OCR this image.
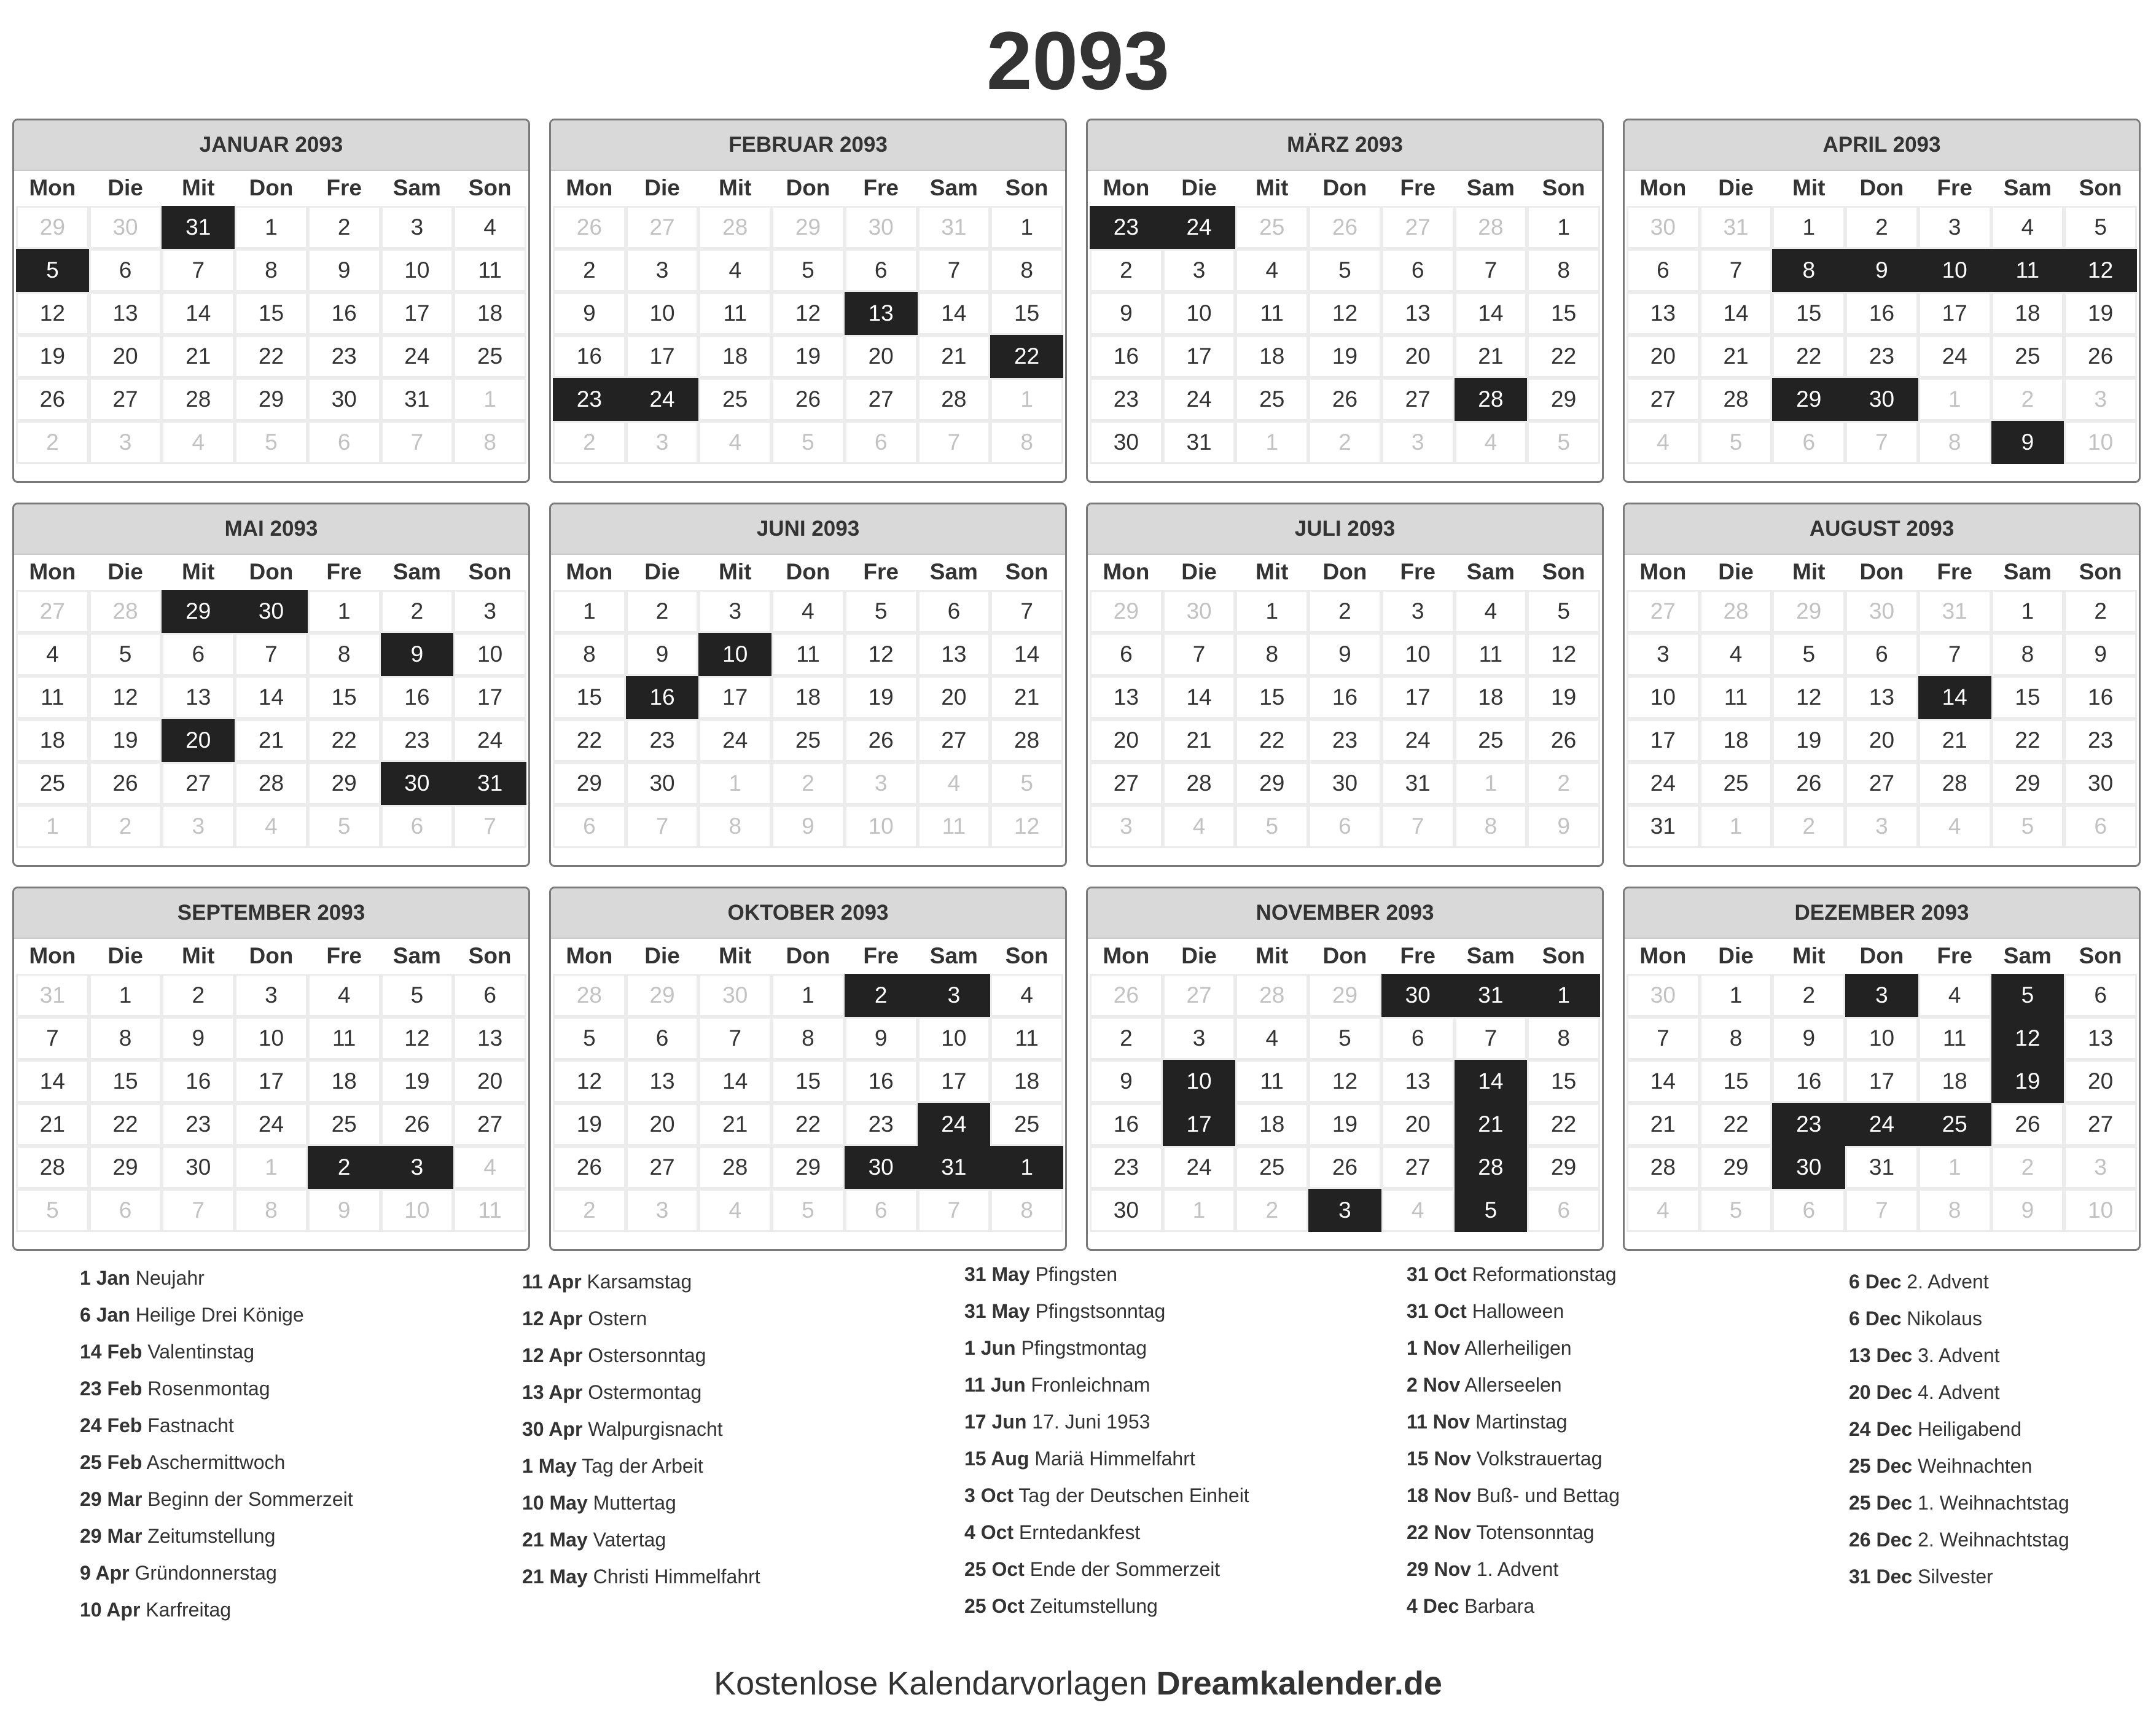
2093
JANUAR 2093
Mon	Die	Mit	Don	Fre	Sam	Son
29	30	31	1	2	3	4
5	6	7	8	9	10	11
12	13	14	15	16	17	18
19	20	21	22	23	24	25
26	27	28	29	30	31	1
2	3	4	5	6	7	8
FEBRUAR 2093
Mon	Die	Mit	Don	Fre	Sam	Son
26	27	28	29	30	31	1
2	3	4	5	6	7	8
9	10	11	12	13	14	15
16	17	18	19	20	21	22
23	24	25	26	27	28	1
2	3	4	5	6	7	8
MÄRZ 2093
Mon	Die	Mit	Don	Fre	Sam	Son
23	24	25	26	27	28	1
2	3	4	5	6	7	8
9	10	11	12	13	14	15
16	17	18	19	20	21	22
23	24	25	26	27	28	29
30	31	1	2	3	4	5
APRIL 2093
Mon	Die	Mit	Don	Fre	Sam	Son
30	31	1	2	3	4	5
6	7	8	9	10	11	12
13	14	15	16	17	18	19
20	21	22	23	24	25	26
27	28	29	30	1	2	3
4	5	6	7	8	9	10
MAI 2093
Mon	Die	Mit	Don	Fre	Sam	Son
27	28	29	30	1	2	3
4	5	6	7	8	9	10
11	12	13	14	15	16	17
18	19	20	21	22	23	24
25	26	27	28	29	30	31
1	2	3	4	5	6	7
JUNI 2093
Mon	Die	Mit	Don	Fre	Sam	Son
1	2	3	4	5	6	7
8	9	10	11	12	13	14
15	16	17	18	19	20	21
22	23	24	25	26	27	28
29	30	1	2	3	4	5
6	7	8	9	10	11	12
JULI 2093
Mon	Die	Mit	Don	Fre	Sam	Son
29	30	1	2	3	4	5
6	7	8	9	10	11	12
13	14	15	16	17	18	19
20	21	22	23	24	25	26
27	28	29	30	31	1	2
3	4	5	6	7	8	9
AUGUST 2093
Mon	Die	Mit	Don	Fre	Sam	Son
27	28	29	30	31	1	2
3	4	5	6	7	8	9
10	11	12	13	14	15	16
17	18	19	20	21	22	23
24	25	26	27	28	29	30
31	1	2	3	4	5	6
SEPTEMBER 2093
Mon	Die	Mit	Don	Fre	Sam	Son
31	1	2	3	4	5	6
7	8	9	10	11	12	13
14	15	16	17	18	19	20
21	22	23	24	25	26	27
28	29	30	1	2	3	4
5	6	7	8	9	10	11
OKTOBER 2093
Mon	Die	Mit	Don	Fre	Sam	Son
28	29	30	1	2	3	4
5	6	7	8	9	10	11
12	13	14	15	16	17	18
19	20	21	22	23	24	25
26	27	28	29	30	31	1
2	3	4	5	6	7	8
NOVEMBER 2093
Mon	Die	Mit	Don	Fre	Sam	Son
26	27	28	29	30	31	1
2	3	4	5	6	7	8
9	10	11	12	13	14	15
16	17	18	19	20	21	22
23	24	25	26	27	28	29
30	1	2	3	4	5	6
DEZEMBER 2093
Mon	Die	Mit	Don	Fre	Sam	Son
30	1	2	3	4	5	6
7	8	9	10	11	12	13
14	15	16	17	18	19	20
21	22	23	24	25	26	27
28	29	30	31	1	2	3
4	5	6	7	8	9	10
1 Jan Neujahr
6 Jan Heilige Drei Könige
14 Feb Valentinstag
23 Feb Rosenmontag
24 Feb Fastnacht
25 Feb Aschermittwoch
29 Mar Beginn der Sommerzeit
29 Mar Zeitumstellung
9 Apr Gründonnerstag
10 Apr Karfreitag
11 Apr Karsamstag
12 Apr Ostern
12 Apr Ostersonntag
13 Apr Ostermontag
30 Apr Walpurgisnacht
1 May Tag der Arbeit
10 May Muttertag
21 May Vatertag
21 May Christi Himmelfahrt
31 May Pfingsten
31 May Pfingstsonntag
1 Jun Pfingstmontag
11 Jun Fronleichnam
17 Jun 17. Juni 1953
15 Aug Mariä Himmelfahrt
3 Oct Tag der Deutschen Einheit
4 Oct Erntedankfest
25 Oct Ende der Sommerzeit
25 Oct Zeitumstellung
31 Oct Reformationstag
31 Oct Halloween
1 Nov Allerheiligen
2 Nov Allerseelen
11 Nov Martinstag
15 Nov Volkstrauertag
18 Nov Buß- und Bettag
22 Nov Totensonntag
29 Nov 1. Advent
4 Dec Barbara
6 Dec 2. Advent
6 Dec Nikolaus
13 Dec 3. Advent
20 Dec 4. Advent
24 Dec Heiligabend
25 Dec Weihnachten
25 Dec 1. Weihnachtstag
26 Dec 2. Weihnachtstag
31 Dec Silvester
Kostenlose Kalendarvorlagen Dreamkalender.de
